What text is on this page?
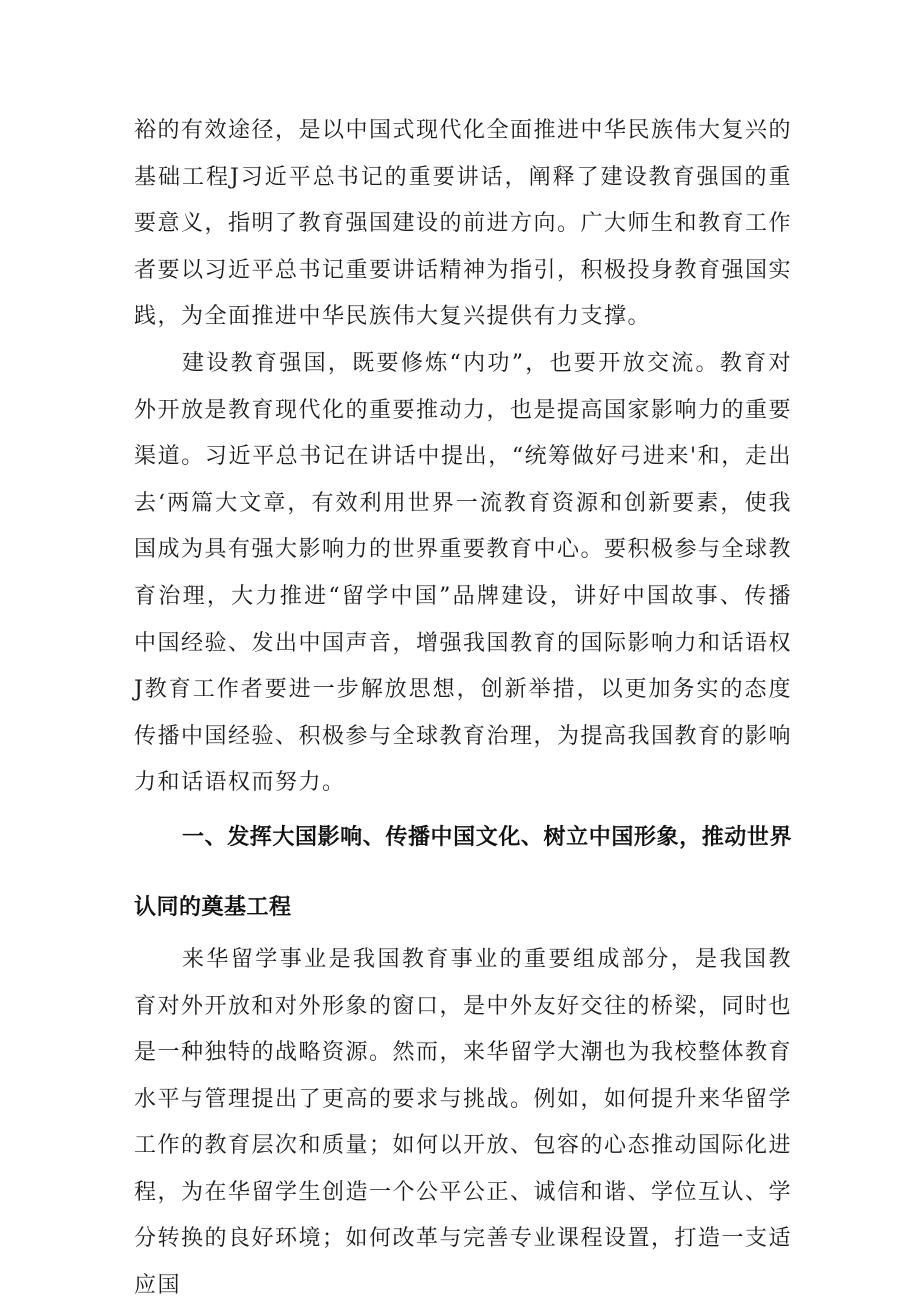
裕的有效途径，是以中国式现代化全面推进中华民族伟大复兴的基础工程J习近平总书记的重要讲话，阐释了建设教育强国的重要意义，指明了教育强国建设的前进方向。广大师生和教育工作者要以习近平总书记重要讲话精神为指引，积极投身教育强国实践，为全面推进中华民族伟大复兴提供有力支撑。

建设教育强国，既要修炼“内功”，也要开放交流。教育对外开放是教育现代化的重要推动力，也是提高国家影响力的重要渠道。习近平总书记在讲话中提出，“统筹做好弓进来'和，走出去‘两篇大文章，有效利用世界一流教育资源和创新要素，使我国成为具有强大影响力的世界重要教育中心。要积极参与全球教育治理，大力推进“留学中国”品牌建设，讲好中国故事、传播中国经验、发出中国声音，增强我国教育的国际影响力和话语权J教育工作者要进一步解放思想，创新举措，以更加务实的态度传播中国经验、积极参与全球教育治理，为提高我国教育的影响力和话语权而努力。

一、发挥大国影响、传播中国文化、树立中国形象，推动世界认同的奠基工程

来华留学事业是我国教育事业的重要组成部分，是我国教育对外开放和对外形象的窗口，是中外友好交往的桥梁，同时也是一种独特的战略资源。然而，来华留学大潮也为我校整体教育水平与管理提出了更高的要求与挑战。例如，如何提升来华留学工作的教育层次和质量；如何以开放、包容的心态推动国际化进程，为在华留学生创造一个公平公正、诚信和谐、学位互认、学分转换的良好环境；如何改革与完善专业课程设置，打造一支适应国
